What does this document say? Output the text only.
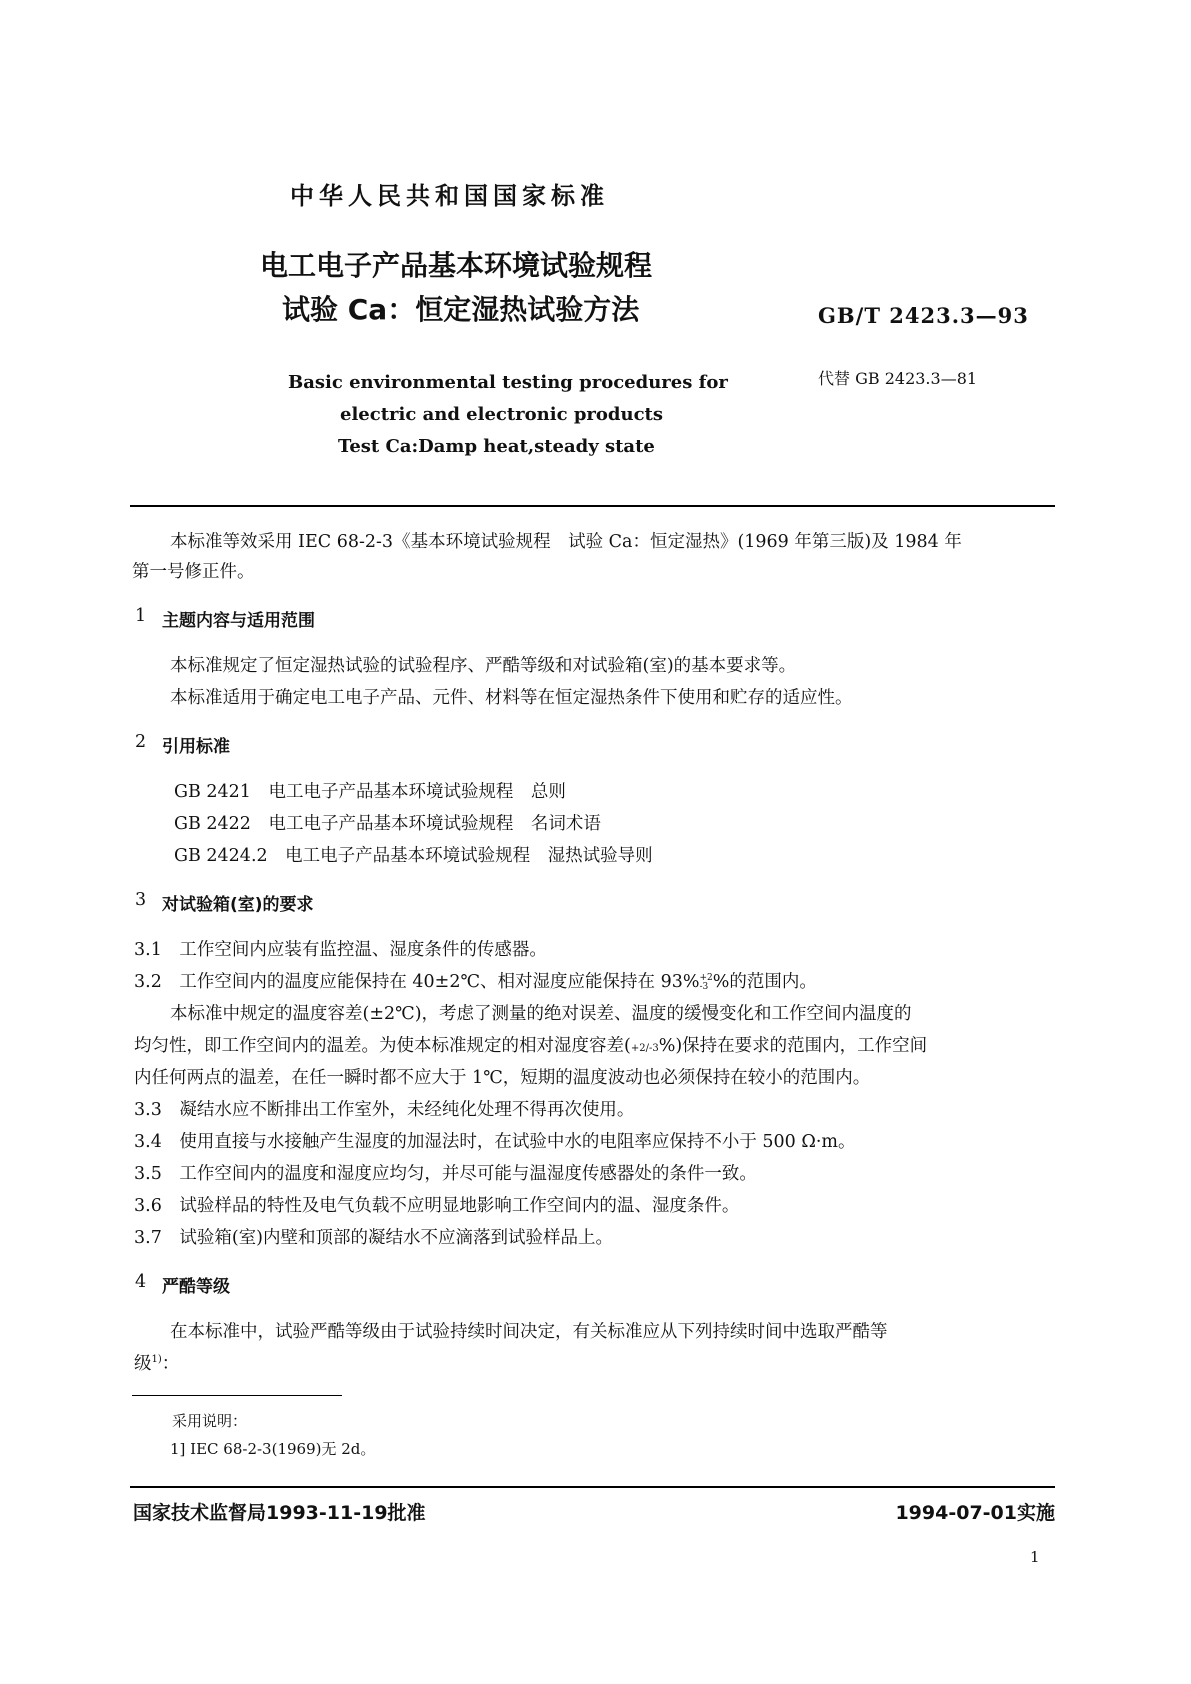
中华人民共和国国家标准
电工电子产品基本环境试验规程
试验 Ca：恒定湿热试验方法	GB/T 2423.3—93
代替 GB 2423.3—81
Basic environmental testing procedures for
electric and electronic products
Test Ca:Damp heat,steady state
本标准等效采用 IEC 68-2-3《基本环境试验规程　试验 Ca：恒定湿热》(1969 年第三版)及 1984 年
第一号修正件。
1 主题内容与适用范围
本标准规定了恒定湿热试验的试验程序、严酷等级和对试验箱(室)的基本要求等。
本标准适用于确定电工电子产品、元件、材料等在恒定湿热条件下使用和贮存的适应性。
2 引用标准
GB 2421　电工电子产品基本环境试验规程　总则
GB 2422　电工电子产品基本环境试验规程　名词术语
GB 2424.2　电工电子产品基本环境试验规程　湿热试验导则
3 对试验箱(室)的要求
3.1　工作空间内应装有监控温、湿度条件的传感器。
3.2　工作空间内的温度应能保持在 40±2℃、相对湿度应能保持在 93% +2
-3 %的范围内。
本标准中规定的温度容差(±2℃)，考虑了测量的绝对误差、温度的缓慢变化和工作空间内温度的
均匀性，即工作空间内的温差。为使本标准规定的相对湿度容差(+2/-3%)保持在要求的范围内，工作空间
内任何两点的温差，在任一瞬时都不应大于 1℃，短期的温度波动也必须保持在较小的范围内。
3.3　凝结水应不断排出工作室外，未经纯化处理不得再次使用。
3.4　使用直接与水接触产生湿度的加湿法时，在试验中水的电阻率应保持不小于 500 Ω·m。
3.5　工作空间内的温度和湿度应均匀，并尽可能与温湿度传感器处的条件一致。
3.6　试验样品的特性及电气负载不应明显地影响工作空间内的温、湿度条件。
3.7　试验箱(室)内壁和顶部的凝结水不应滴落到试验样品上。
4 严酷等级
在本标准中，试验严酷等级由于试验持续时间决定，有关标准应从下列持续时间中选取严酷等
级$^{1)}$：
采用说明：
1] IEC 68-2-3(1969)无 2d。
国家技术监督局1993-11-19批准	1994-07-01实施
1
